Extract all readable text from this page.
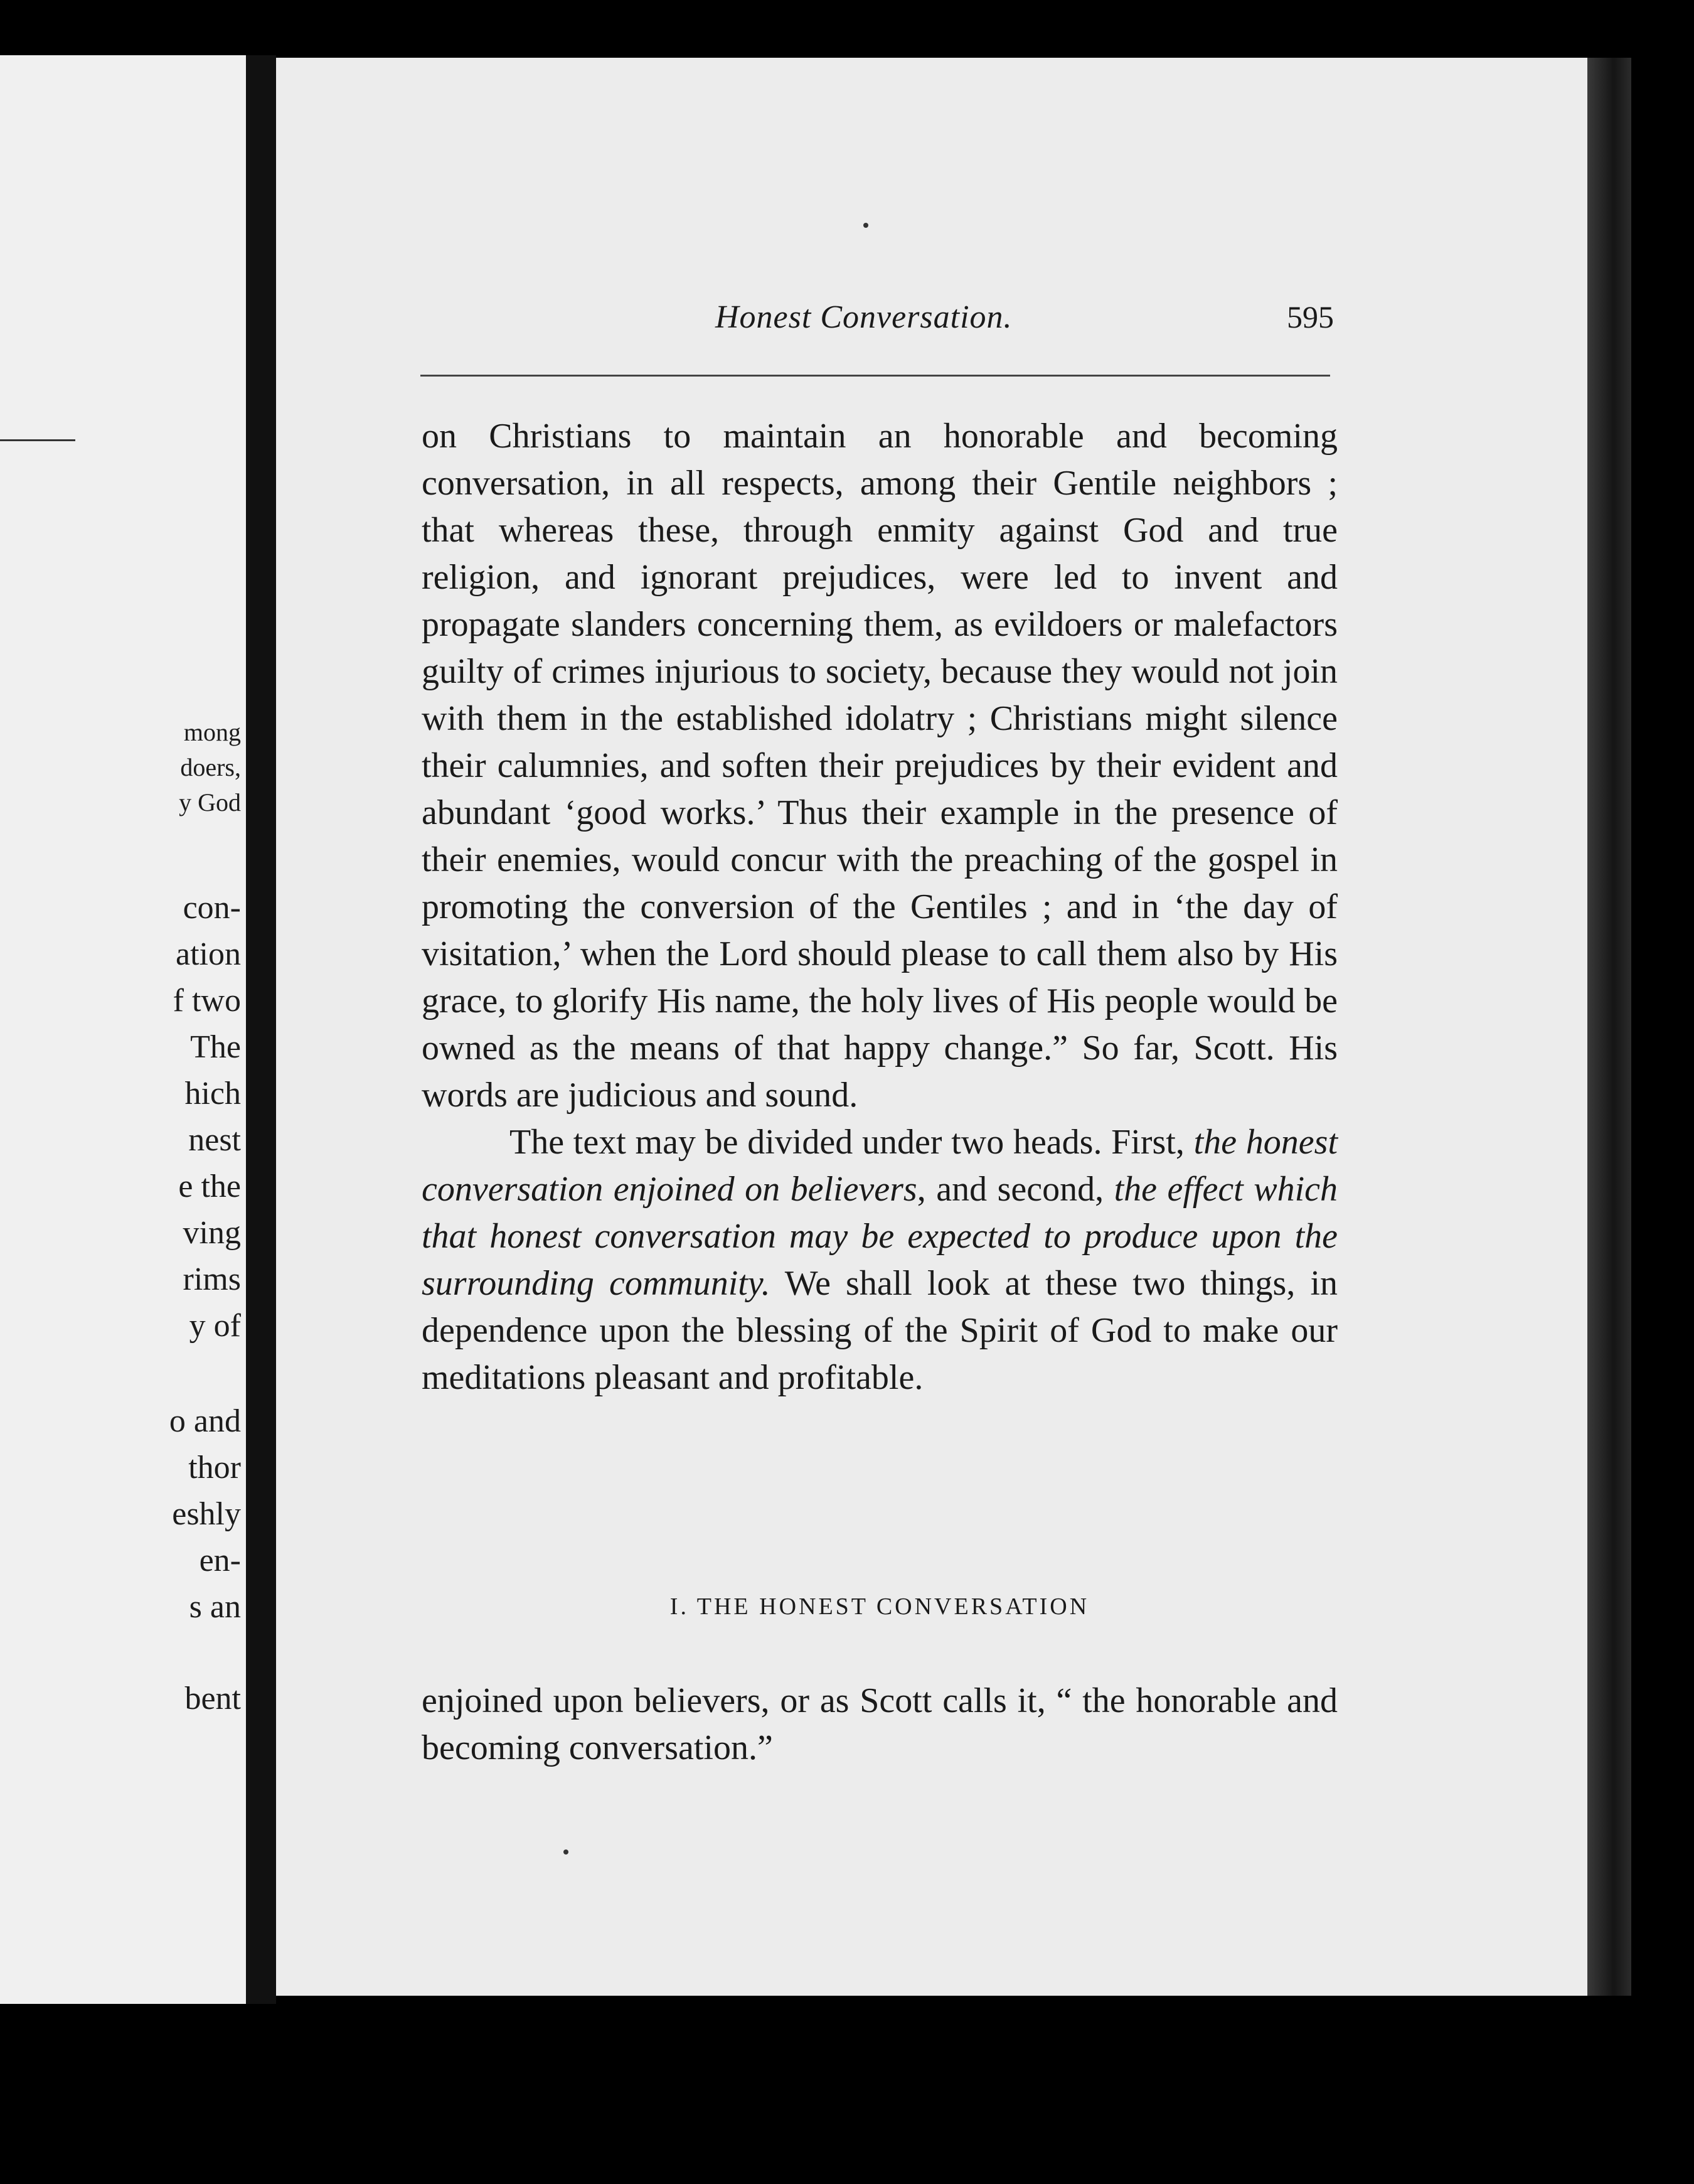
mong
doers,
y God
con-
ation
f two
The
hich
nest
e the
ving
rims
y of
o and
thor
eshly
en-
s an
bent
Honest Conversation.	595

on Christians to maintain an honorable and becoming conversation, in all respects, among their Gentile neighbors ; that whereas these, through enmity against God and true religion, and ignorant prejudices, were led to invent and propagate slanders concerning them, as evildoers or malefactors guilty of crimes injurious to society, because they would not join with them in the established idolatry ; Christians might silence their calumnies, and soften their prejudices by their evident and abundant ‘good works.’ Thus their example in the presence of their enemies, would concur with the preaching of the gospel in promoting the conversion of the Gentiles ; and in ‘the day of visitation,’ when the Lord should please to call them also by His grace, to glorify His name, the holy lives of His people would be owned as the means of that happy change.” So far, Scott. His words are judicious and sound.

The text may be divided under two heads. First, the honest conversation enjoined on believers, and second, the effect which that honest conversation may be expected to produce upon the surrounding community. We shall look at these two things, in dependence upon the blessing of the Spirit of God to make our meditations pleasant and profitable.

I. THE HONEST CONVERSATION

enjoined upon believers, or as Scott calls it, “ the honorable and becoming conversation.”
